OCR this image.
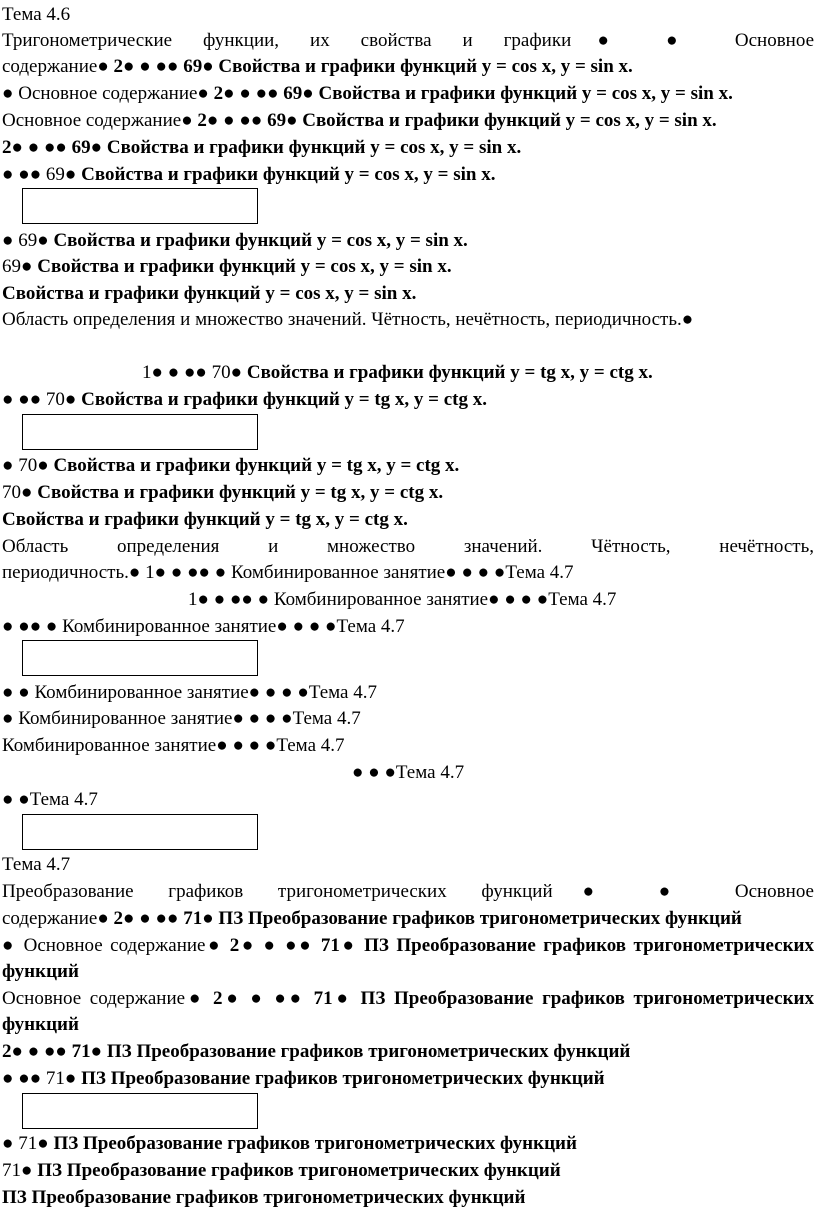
Тема 4.6
Тригонометрические функции, их свойства и графики● ● Основное
содержание● 2● ● ●● 69● Свойства и графики функций y = cos x, y = sin x.
● Основное содержание● 2● ● ●● 69● Свойства и графики функций y = cos x, y = sin x.
Основное содержание● 2● ● ●● 69● Свойства и графики функций y = cos x, y = sin x.
2● ● ●● 69● Свойства и графики функций y = cos x, y = sin x.
● ●● 69● Свойства и графики функций y = cos x, y = sin x.
● 69● Свойства и графики функций y = cos x, y = sin x.
69● Свойства и графики функций y = cos x, y = sin x.
Свойства и графики функций y = cos x, y = sin x.
Область определения и множество значений. Чётность, нечётность, периодичность.●
1● ● ●● 70● Свойства и графики функций y = tg x, y = ctg x.
● ●● 70● Свойства и графики функций y = tg x, y = ctg x.
● 70● Свойства и графики функций y = tg x, y = ctg x.
70● Свойства и графики функций y = tg x, y = ctg x.
Свойства и графики функций y = tg x, y = ctg x.
Область определения и множество значений. Чётность, нечётность,
периодичность.● 1● ● ●● ● Комбинированное занятие● ● ● ●Тема 4.7
1● ● ●● ● Комбинированное занятие● ● ● ●Тема 4.7
● ●● ● Комбинированное занятие● ● ● ●Тема 4.7
● ● Комбинированное занятие● ● ● ●Тема 4.7
● Комбинированное занятие● ● ● ●Тема 4.7
Комбинированное занятие● ● ● ●Тема 4.7
● ● ●Тема 4.7
● ●Тема 4.7
Тема 4.7
Преобразование графиков тригонометрических функций● ● Основное
содержание● 2● ● ●● 71● ПЗ Преобразование графиков тригонометрических функций
● Основное содержание● 2● ● ●● 71● ПЗ Преобразование графиков тригонометрических
функций
Основное содержание● 2● ● ●● 71● ПЗ Преобразование графиков тригонометрических
функций
2● ● ●● 71● ПЗ Преобразование графиков тригонометрических функций
● ●● 71● ПЗ Преобразование графиков тригонометрических функций
● 71● ПЗ Преобразование графиков тригонометрических функций
71● ПЗ Преобразование графиков тригонометрических функций
ПЗ Преобразование графиков тригонометрических функций
